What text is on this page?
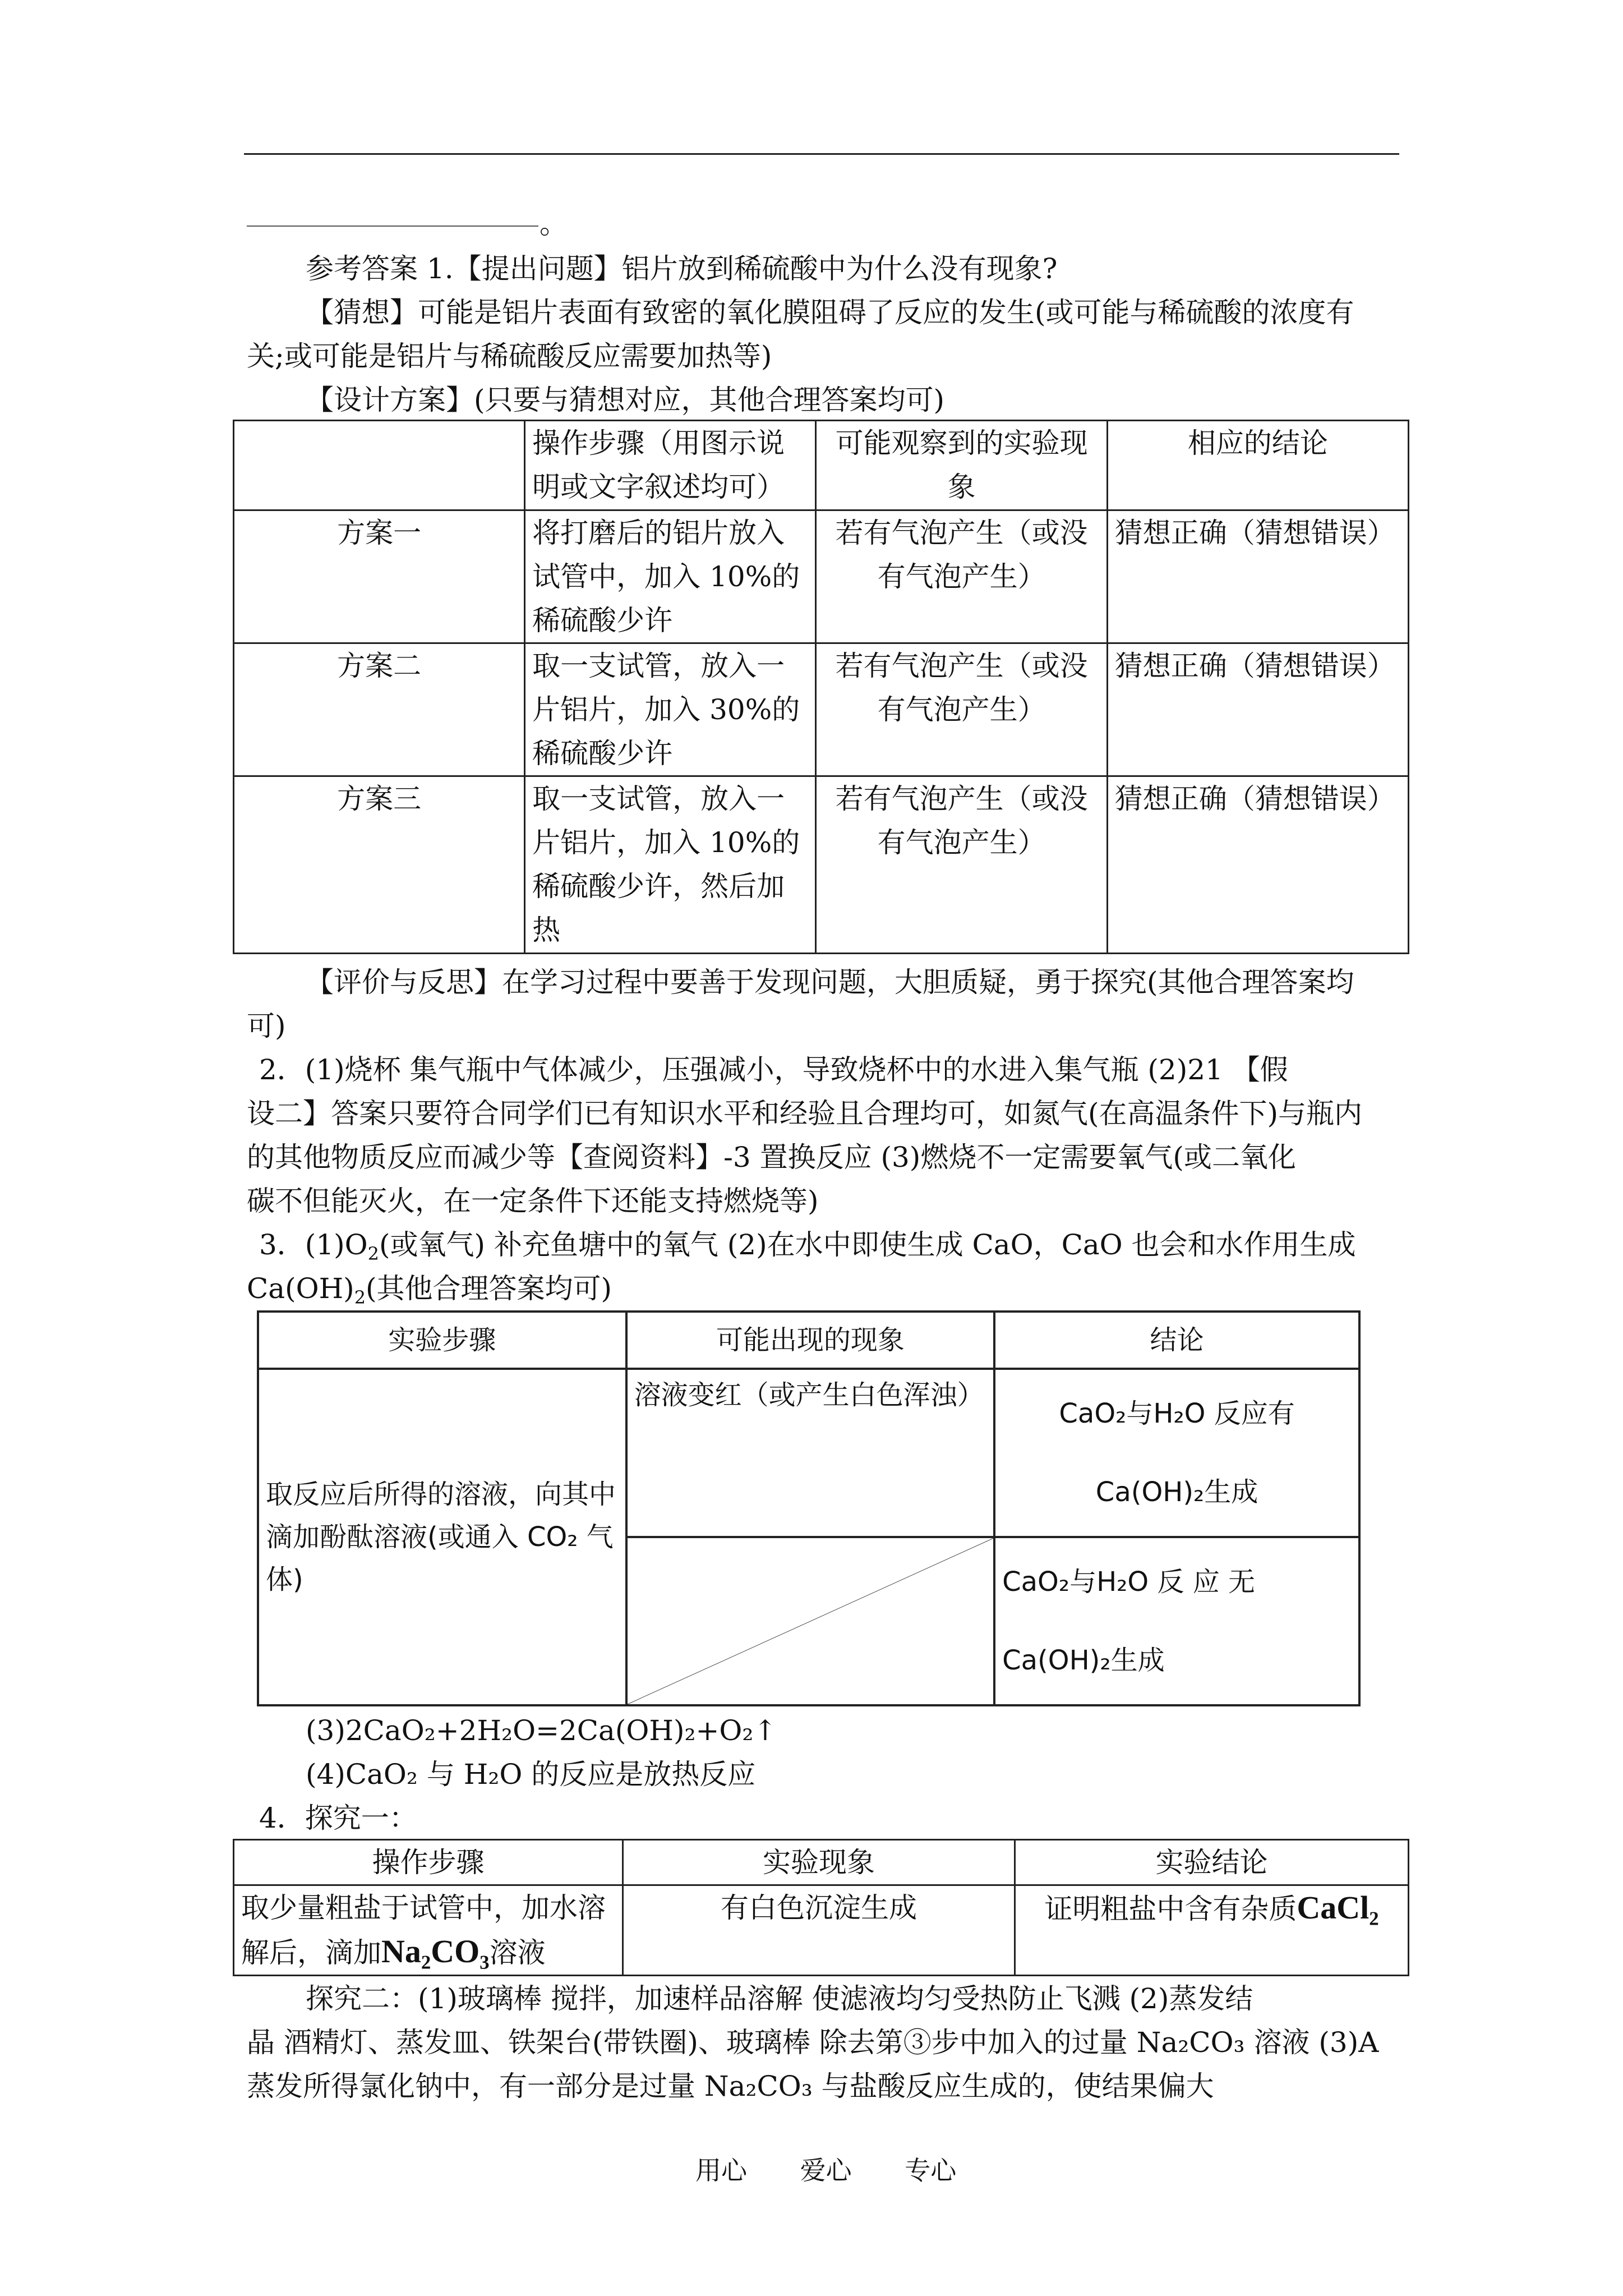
。
参考答案 1.【提出问题】铝片放到稀硫酸中为什么没有现象?
【猜想】可能是铝片表面有致密的氧化膜阻碍了反应的发生(或可能与稀硫酸的浓度有
关;或可能是铝片与稀硫酸反应需要加热等)
【设计方案】(只要与猜想对应，其他合理答案均可)
	操作步骤（用图示说明或文字叙述均可）	可能观察到的实验现象	相应的结论
方案一	将打磨后的铝片放入试管中，加入 10%的稀硫酸少许	若有气泡产生（或没有气泡产生）	猜想正确（猜想错误）
方案二	取一支试管，放入一片铝片，加入 30%的稀硫酸少许	若有气泡产生（或没有气泡产生）	猜想正确（猜想错误）
方案三	取一支试管，放入一片铝片，加入 10%的稀硫酸少许，然后加热	若有气泡产生（或没有气泡产生）	猜想正确（猜想错误）
【评价与反思】在学习过程中要善于发现问题，大胆质疑，勇于探究(其他合理答案均
可)
2．(1)烧杯 集气瓶中气体减少，压强减小，导致烧杯中的水进入集气瓶 (2)21 【假
设二】答案只要符合同学们已有知识水平和经验且合理均可，如氮气(在高温条件下)与瓶内
的其他物质反应而减少等【查阅资料】-3 置换反应 (3)燃烧不一定需要氧气(或二氧化
碳不但能灭火，在一定条件下还能支持燃烧等)
3．$(1)O_2$(或氧气) 补充鱼塘中的氧气 (2)在水中即使生成 CaO，CaO 也会和水作用生成
$Ca(OH)_2$(其他合理答案均可)
实验步骤	可能出现的现象	结论
取反应后所得的溶液，向其中滴加酚酞溶液(或通入 CO₂ 气体)	溶液变红（或产生白色浑浊）	CaO₂与H₂O 反应有
Ca(OH)₂生成

	CaO₂与H₂O 反 应 无
Ca(OH)₂生成
(3)2CaO₂+2H₂O=2Ca(OH)₂+O₂↑
(4)CaO₂ 与 H₂O 的反应是放热反应
4．探究一：
操作步骤	实验现象	实验结论
取少量粗盐于试管中，加水溶解后，滴加Na₂CO₃溶液	有白色沉淀生成	证明粗盐中含有杂质CaCl₂
探究二：(1)玻璃棒 搅拌，加速样品溶解 使滤液均匀受热防止飞溅 (2)蒸发结
晶 酒精灯、蒸发皿、铁架台(带铁圈)、玻璃棒 除去第③步中加入的过量 Na₂CO₃ 溶液 (3)A
蒸发所得氯化钠中，有一部分是过量 Na₂CO₃ 与盐酸反应生成的，使结果偏大
用心 爱心 专心
